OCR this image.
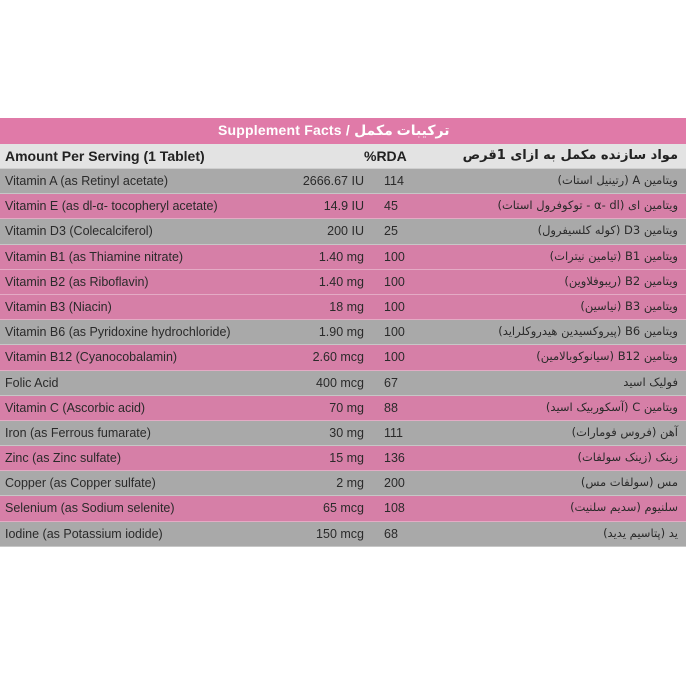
Supplement Facts / ترکیبات مکمل
Amount Per Serving (1 Tablet)	%RDA	مواد سازنده مکمل به ازای 1قرص
Vitamin A (as Retinyl acetate)	2666.67 IU 114	ویتامین A (رتینیل استات)
Vitamin E (as dl-α- tocopheryl acetate)	14.9 IU 45	ویتامین ای (α- dl - توکوفرول استات)
Vitamin D3 (Colecalciferol)	200 IU 25	ویتامین D3 (کوله کلسیفرول)
Vitamin B1 (as Thiamine nitrate)	1.40 mg 100	ویتامین B1 (تیامین نیترات)
Vitamin B2 (as Riboflavin)	1.40 mg 100	ویتامین B2 (ریبوفلاوین)
Vitamin B3 (Niacin)	18 mg 100	ویتامین B3 (نیاسین)
Vitamin B6 (as Pyridoxine hydrochloride)	1.90 mg 100	ویتامین B6 (پیروکسیدین هیدروکلراید)
Vitamin B12 (Cyanocobalamin)	2.60 mcg 100	ویتامین B12 (سیانوکوبالامین)
Folic Acid	400 mcg 67	فولیک اسید
Vitamin C (Ascorbic acid)	70 mg 88	ویتامین C (آسکوربیک اسید)
Iron (as Ferrous fumarate)	30 mg 111	آهن (فروس فومارات)
Zinc (as Zinc sulfate)	15 mg 136	زینک (زینک سولفات)
Copper (as Copper sulfate)	2 mg 200	مس (سولفات مس)
Selenium (as Sodium selenite)	65 mcg 108	سلنیوم (سدیم سلنیت)
Iodine (as Potassium iodide)	150 mcg 68	ید (پتاسیم یدید)
